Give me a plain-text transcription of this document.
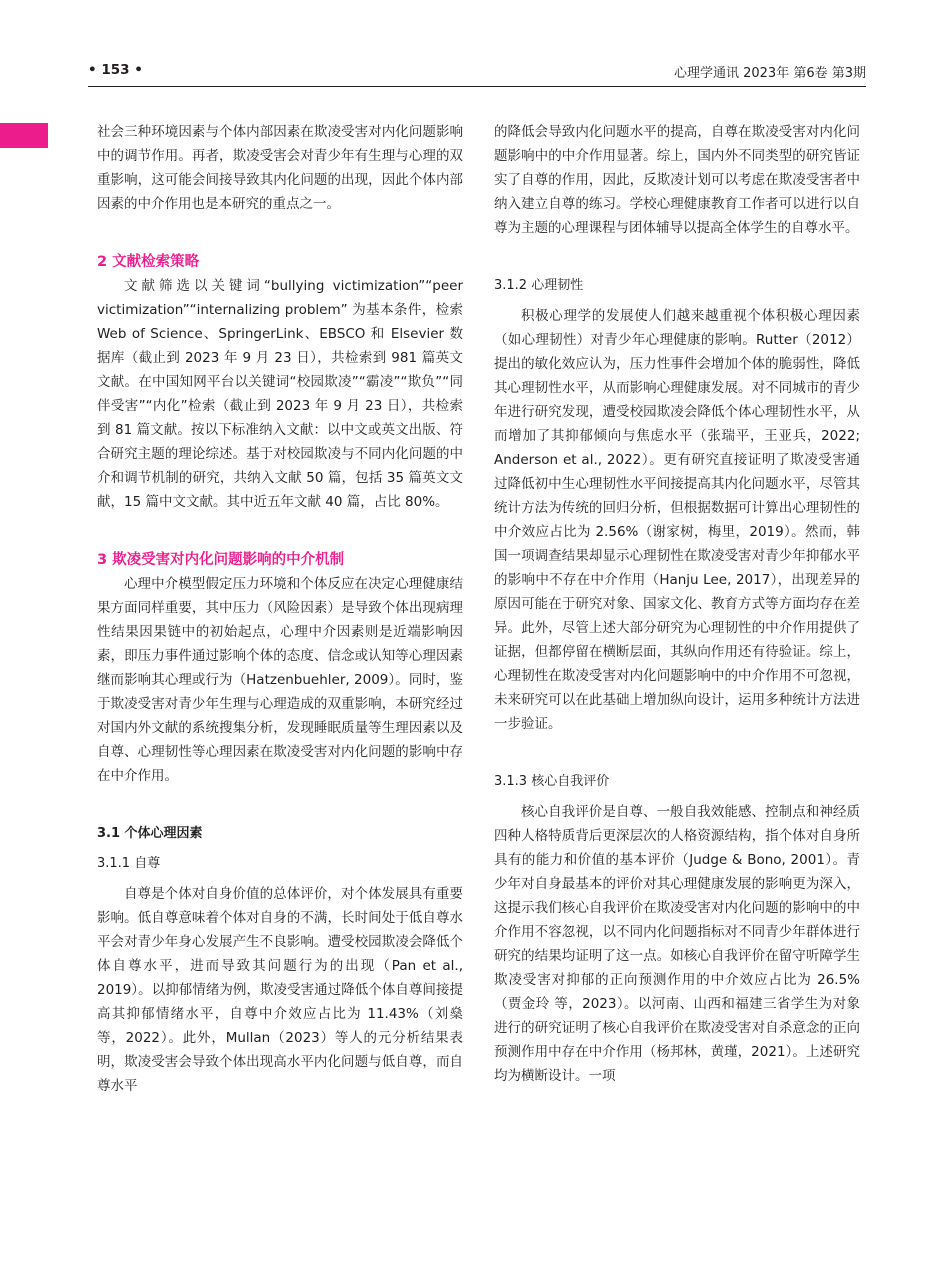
• 153 •	心理学通讯 2023年 第6卷 第3期

社会三种环境因素与个体内部因素在欺凌受害对内化问题影响中的调节作用。再者，欺凌受害会对青少年有生理与心理的双重影响，这可能会间接导致其内化问题的出现，因此个体内部因素的中介作用也是本研究的重点之一。

2 文献检索策略

文献筛选以关键词“bullying victimization”“peer victimization”“internalizing problem” 为基本条件，检索 Web of Science、SpringerLink、EBSCO 和 Elsevier 数据库（截止到 2023 年 9 月 23 日），共检索到 981 篇英文文献。在中国知网平台以关键词“校园欺凌”“霸凌”“欺负”“同伴受害”“内化”检索（截止到 2023 年 9 月 23 日），共检索到 81 篇文献。按以下标准纳入文献：以中文或英文出版、符合研究主题的理论综述。基于对校园欺凌与不同内化问题的中介和调节机制的研究，共纳入文献 50 篇，包括 35 篇英文文献，15 篇中文文献。其中近五年文献 40 篇，占比 80%。

3 欺凌受害对内化问题影响的中介机制

心理中介模型假定压力环境和个体反应在决定心理健康结果方面同样重要，其中压力（风险因素）是导致个体出现病理性结果因果链中的初始起点，心理中介因素则是近端影响因素，即压力事件通过影响个体的态度、信念或认知等心理因素继而影响其心理或行为（Hatzenbuehler, 2009）。同时，鉴于欺凌受害对青少年生理与心理造成的双重影响，本研究经过对国内外文献的系统搜集分析，发现睡眠质量等生理因素以及自尊、心理韧性等心理因素在欺凌受害对内化问题的影响中存在中介作用。

3.1 个体心理因素
3.1.1 自尊

自尊是个体对自身价值的总体评价，对个体发展具有重要影响。低自尊意味着个体对自身的不满，长时间处于低自尊水平会对青少年身心发展产生不良影响。遭受校园欺凌会降低个体自尊水平，进而导致其问题行为的出现（Pan et al., 2019）。以抑郁情绪为例，欺凌受害通过降低个体自尊间接提高其抑郁情绪水平，自尊中介效应占比为 11.43%（刘燊 等，2022）。此外，Mullan（2023）等人的元分析结果表明，欺凌受害会导致个体出现高水平内化问题与低自尊，而自尊水平

的降低会导致内化问题水平的提高，自尊在欺凌受害对内化问题影响中的中介作用显著。综上，国内外不同类型的研究皆证实了自尊的作用，因此，反欺凌计划可以考虑在欺凌受害者中纳入建立自尊的练习。学校心理健康教育工作者可以进行以自尊为主题的心理课程与团体辅导以提高全体学生的自尊水平。

3.1.2 心理韧性

积极心理学的发展使人们越来越重视个体积极心理因素（如心理韧性）对青少年心理健康的影响。Rutter（2012）提出的敏化效应认为，压力性事件会增加个体的脆弱性，降低其心理韧性水平，从而影响心理健康发展。对不同城市的青少年进行研究发现，遭受校园欺凌会降低个体心理韧性水平，从而增加了其抑郁倾向与焦虑水平（张瑞平，王亚兵，2022; Anderson et al., 2022）。更有研究直接证明了欺凌受害通过降低初中生心理韧性水平间接提高其内化问题水平，尽管其统计方法为传统的回归分析，但根据数据可计算出心理韧性的中介效应占比为 2.56%（谢家树，梅里，2019）。然而，韩国一项调查结果却显示心理韧性在欺凌受害对青少年抑郁水平的影响中不存在中介作用（Hanju Lee, 2017），出现差异的原因可能在于研究对象、国家文化、教育方式等方面均存在差异。此外，尽管上述大部分研究为心理韧性的中介作用提供了证据，但都停留在横断层面，其纵向作用还有待验证。综上，心理韧性在欺凌受害对内化问题影响中的中介作用不可忽视，未来研究可以在此基础上增加纵向设计，运用多种统计方法进一步验证。

3.1.3 核心自我评价

核心自我评价是自尊、一般自我效能感、控制点和神经质四种人格特质背后更深层次的人格资源结构，指个体对自身所具有的能力和价值的基本评价（Judge & Bono, 2001）。青少年对自身最基本的评价对其心理健康发展的影响更为深入，这提示我们核心自我评价在欺凌受害对内化问题的影响中的中介作用不容忽视，以不同内化问题指标对不同青少年群体进行研究的结果均证明了这一点。如核心自我评价在留守听障学生欺凌受害对抑郁的正向预测作用的中介效应占比为 26.5%（贾金玲 等，2023）。以河南、山西和福建三省学生为对象进行的研究证明了核心自我评价在欺凌受害对自杀意念的正向预测作用中存在中介作用（杨邦林，黄瑾，2021）。上述研究均为横断设计。一项
